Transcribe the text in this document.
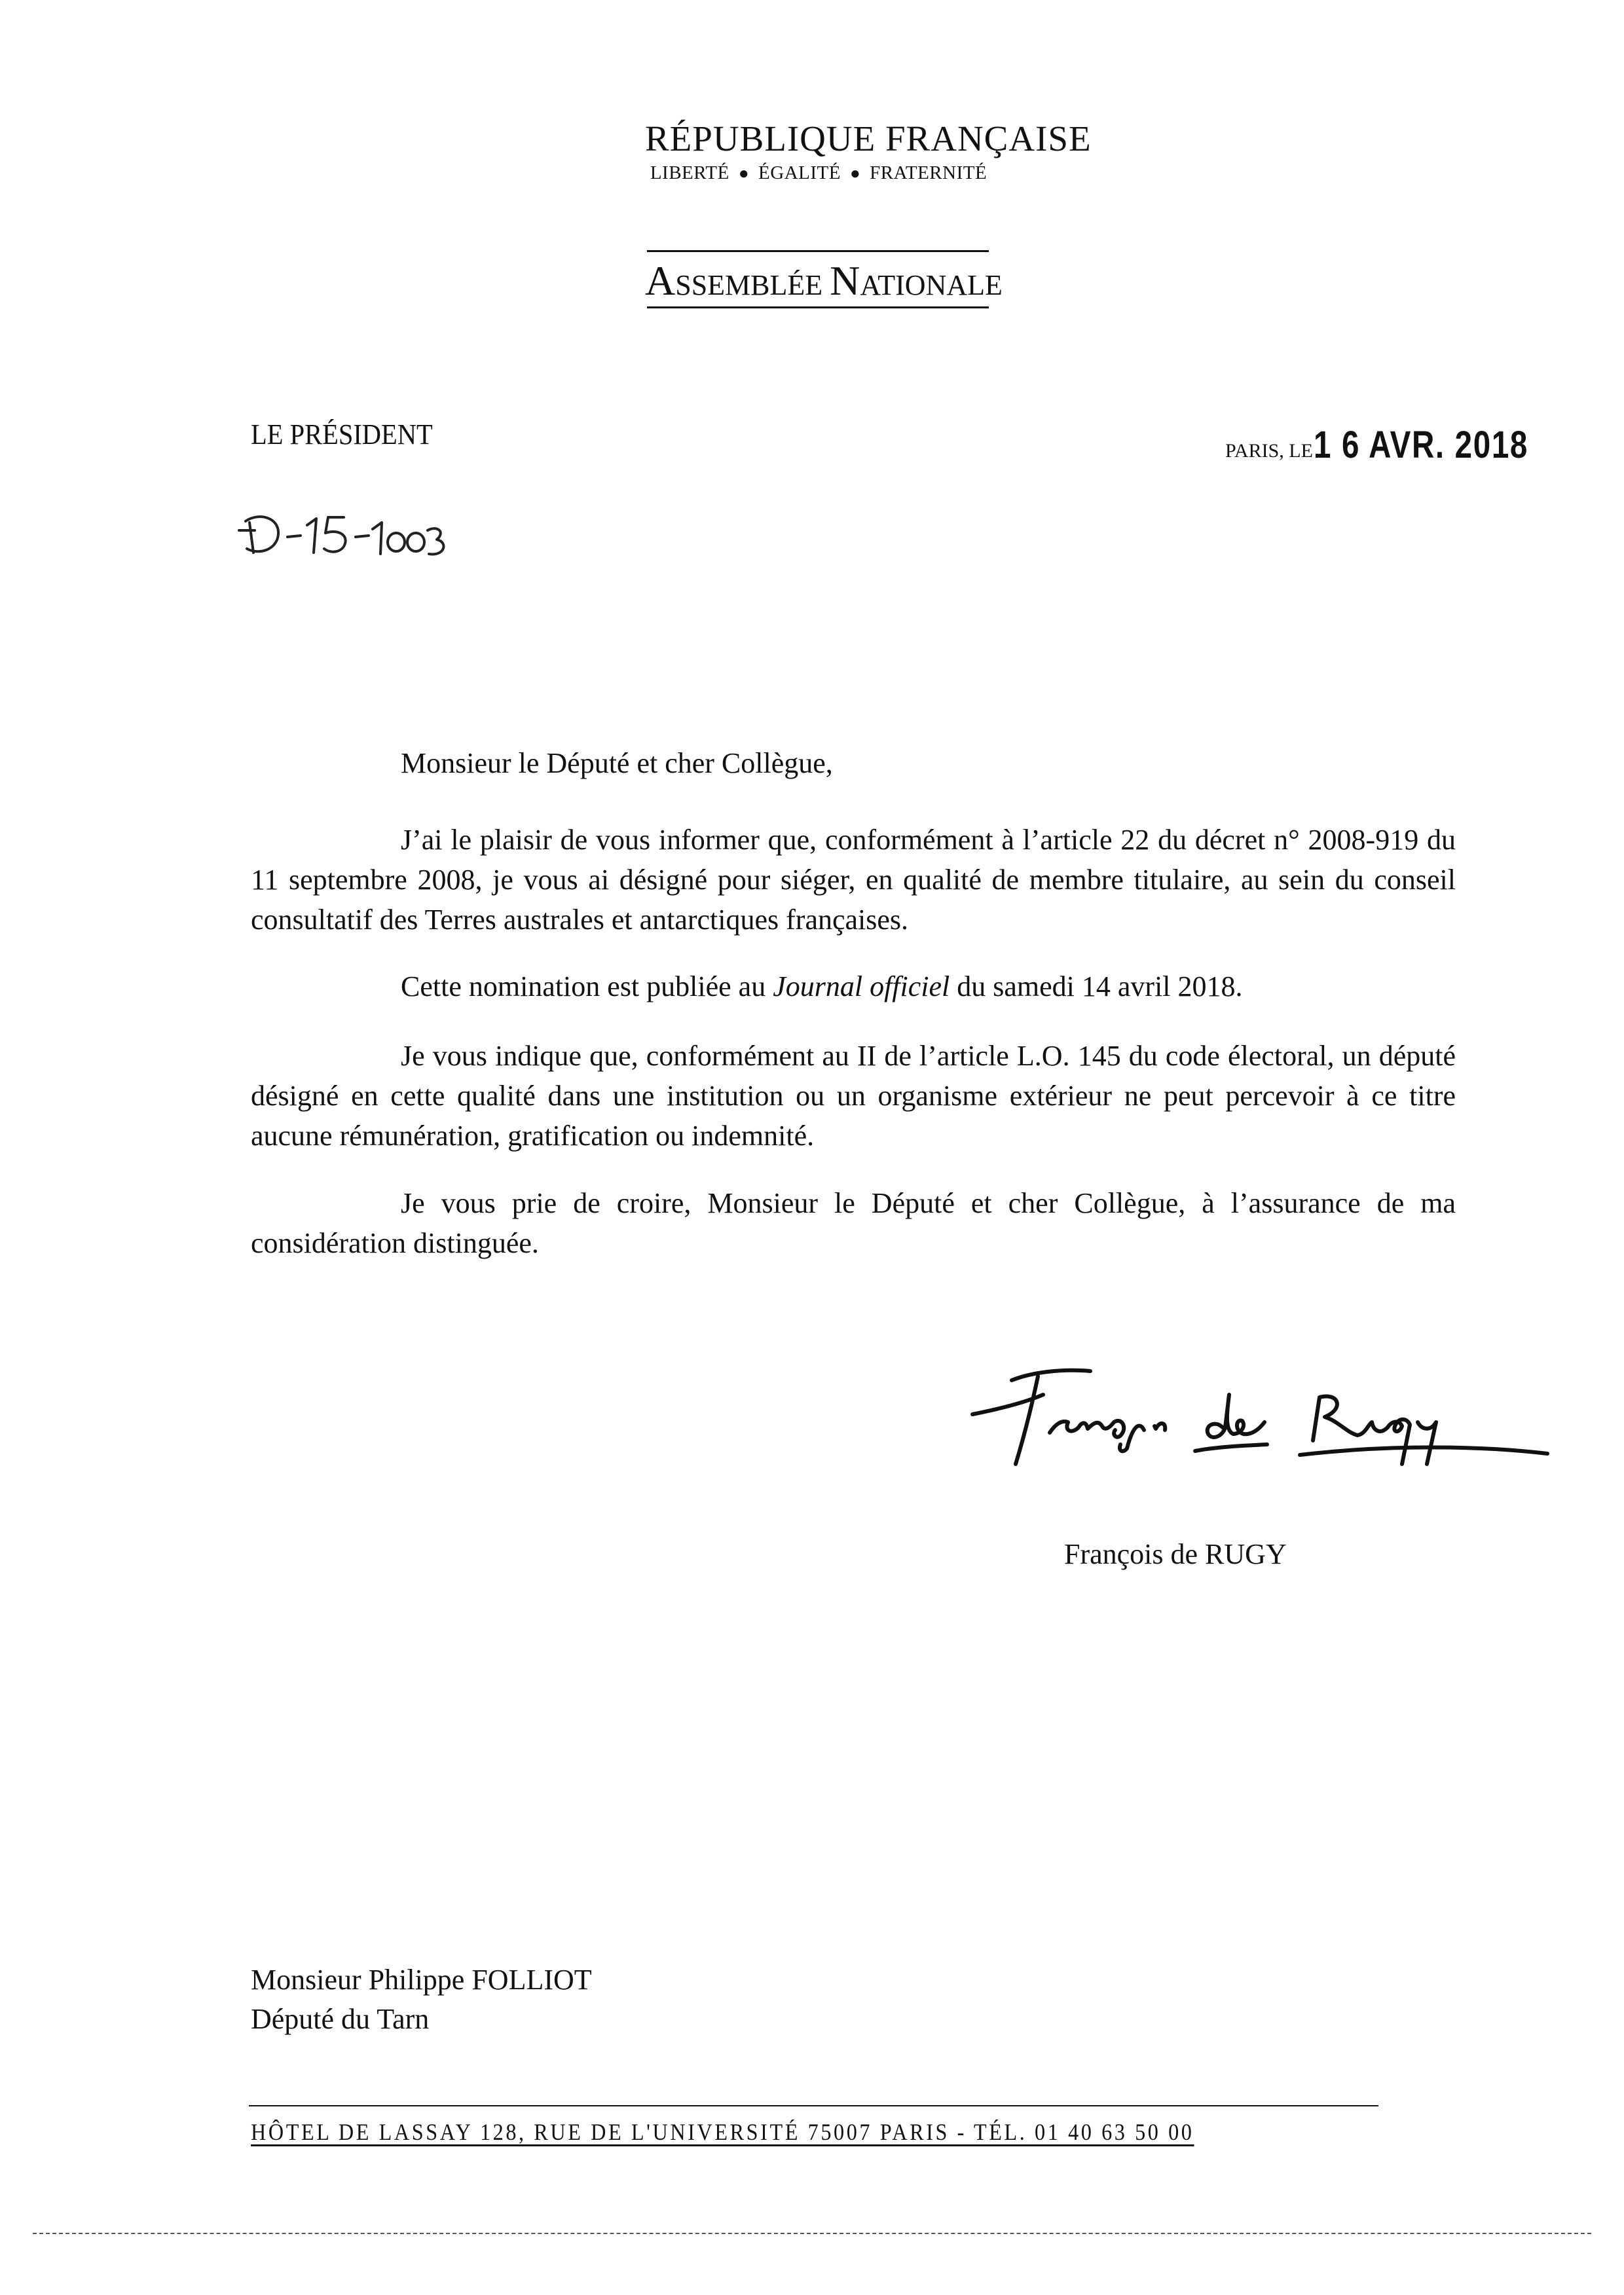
RÉPUBLIQUE FRANÇAISE
LIBERTÉ ● ÉGALITÉ ● FRATERNITÉ
ASSEMBLÉE NATIONALE
LE PRÉSIDENT
PARIS, LE 1 6 AVR. 2018
Monsieur le Député et cher Collègue,
J’ai le plaisir de vous informer que, conformément à l’article 22 du décret n° 2008-919 du 11 septembre 2008, je vous ai désigné pour siéger, en qualité de membre titulaire, au sein du conseil consultatif des Terres australes et antarctiques françaises.
Cette nomination est publiée au Journal officiel du samedi 14 avril 2018.
Je vous indique que, conformément au II de l’article L.O. 145 du code électoral, un député désigné en cette qualité dans une institution ou un organisme extérieur ne peut percevoir à ce titre aucune rémunération, gratification ou indemnité.
Je vous prie de croire, Monsieur le Député et cher Collègue, à l’assurance de ma considération distinguée.
François de RUGY
Monsieur Philippe FOLLIOT
Député du Tarn
HÔTEL DE LASSAY 128, RUE DE L'UNIVERSITÉ 75007 PARIS - TÉL. 01 40 63 50 00
